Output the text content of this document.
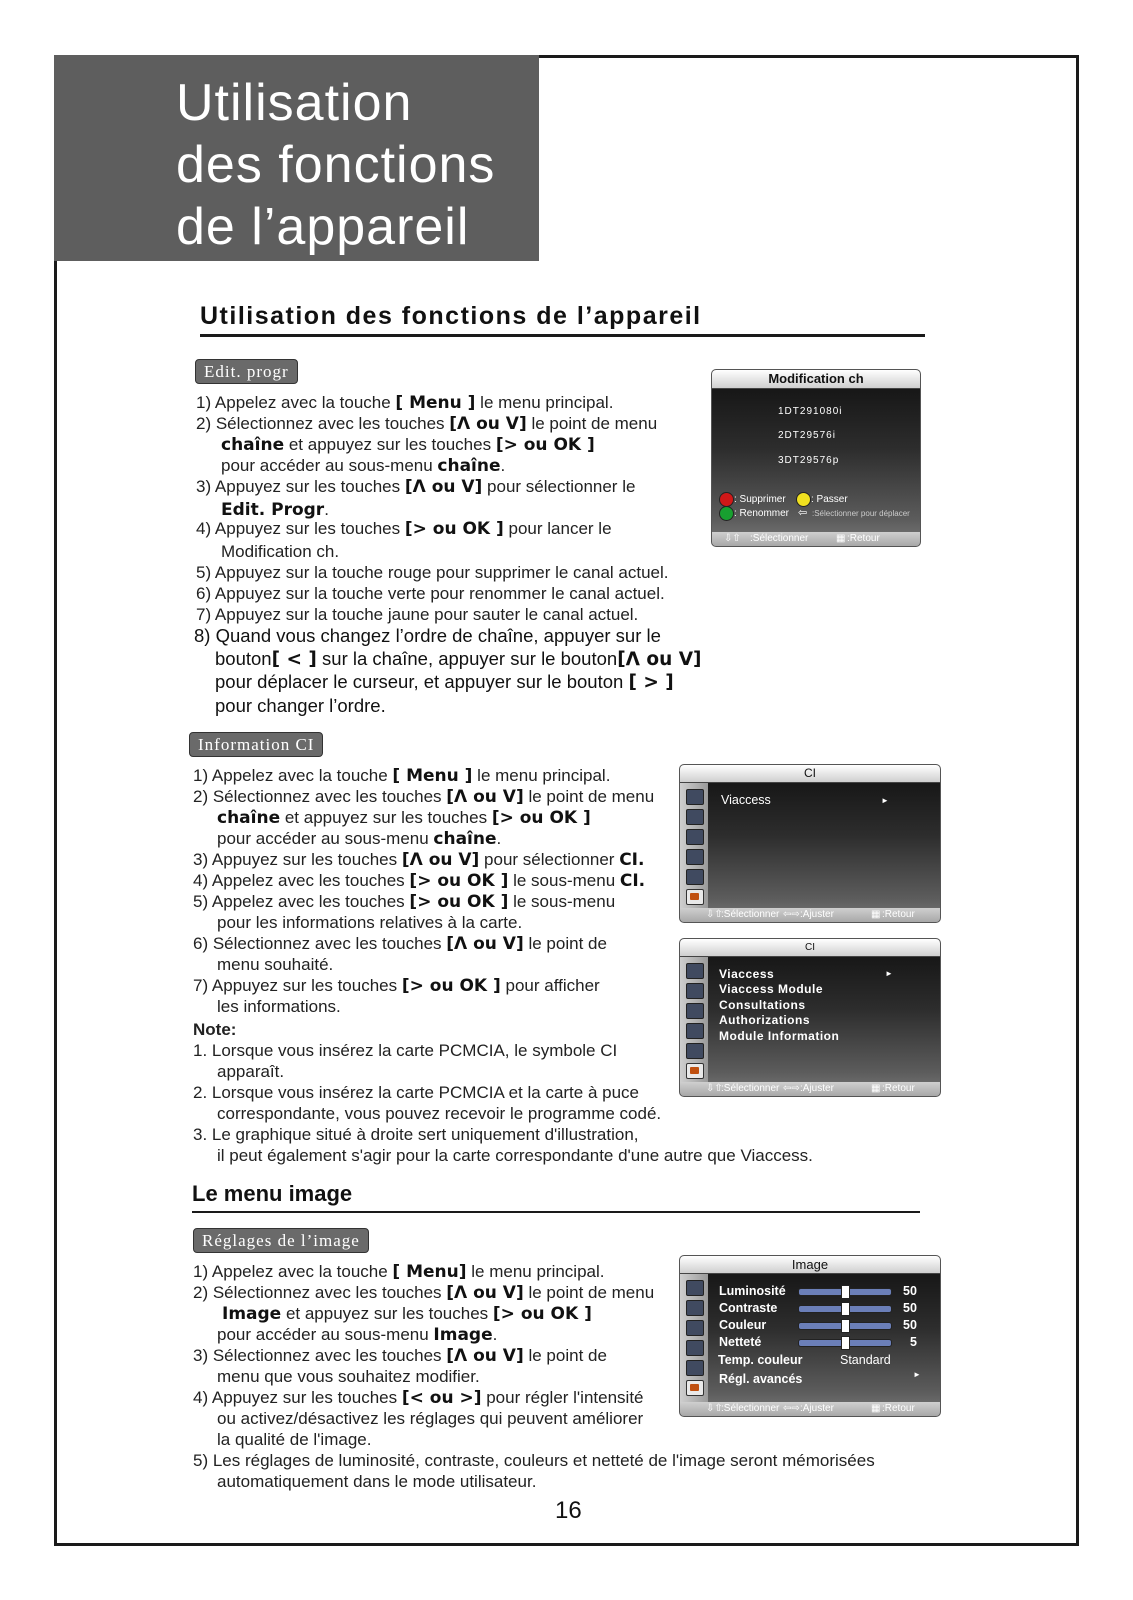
Utilisation
des fonctions
de l’appareil
Utilisation des fonctions de l’appareil
Edit. progr
1) Appelez avec la touche [ Menu ] le menu principal.
2) Sélectionnez avec les touches [Λ ou V] le point de menu
chaîne et appuyez sur les touches [> ou OK ]
pour accéder au sous-menu chaîne.
3) Appuyez sur les touches [Λ ou V] pour sélectionner le
Edit. Progr.
4) Appuyez sur les touches [> ou OK ] pour lancer le
Modification ch.
5) Appuyez sur la touche rouge pour supprimer le canal actuel.
6) Appuyez sur la touche verte pour renommer le canal actuel.
7) Appuyez sur la touche jaune pour sauter le canal actuel.
8) Quand vous changez l’ordre de chaîne, appuyer sur le
bouton[ < ] sur la chaîne, appuyer sur le bouton[Λ ou V]
pour déplacer le curseur, et appuyer sur le bouton [ > ]
pour changer l’ordre.
Modification ch
1DT291080i
2DT29576i
3DT29576p
: Supprimer	: Passer
: Renommer ⇦ :Sélectionner pour déplacer
⇩⇧ :Sélectionner	▦ :Retour
Information CI
1) Appelez avec la touche [ Menu ] le menu principal.
2) Sélectionnez avec les touches [Λ ou V] le point de menu
chaîne et appuyez sur les touches [> ou OK ]
pour accéder au sous-menu chaîne.
3) Appuyez sur les touches [Λ ou V] pour sélectionner CI.
4) Appelez avec les touches [> ou OK ] le sous-menu CI.
5) Appelez avec les touches [> ou OK ] le sous-menu
pour les informations relatives à la carte.
6) Sélectionnez avec les touches [Λ ou V] le point de
menu souhaité.
7) Appuyez sur les touches [> ou OK ] pour afficher
les informations.
Note:
1. Lorsque vous insérez la carte PCMCIA, le symbole CI
apparaît.
2. Lorsque vous insérez la carte PCMCIA et la carte à puce
correspondante, vous pouvez recevoir le programme codé.
3. Le graphique situé à droite sert uniquement d'illustration,
il peut également s'agir pour la carte correspondante d'une autre que Viaccess.
CI
Viaccess	►
⇩⇧
:Sélectionner ⇦⇨ :Ajuster	▦ :Retour
CI
Viaccess
Viaccess Module
Consultations
Authorizations
Module Information
►
⇩⇧
:Sélectionner ⇦⇨ :Ajuster	▦ :Retour
Le menu image
Réglages de l’image
1) Appelez avec la touche [ Menu] le menu principal.
2) Sélectionnez avec les touches [Λ ou V] le point de menu
Image et appuyez sur les touches [> ou OK ]
pour accéder au sous-menu Image.
3) Sélectionnez avec les touches [Λ ou V] le point de
menu que vous souhaitez modifier.
4) Appuyez sur les touches [< ou >] pour régler l'intensité
ou activez/désactivez les réglages qui peuvent améliorer
la qualité de l'image.
5) Les réglages de luminosité, contraste, couleurs et netteté de l'image seront mémorisées
automatiquement dans le mode utilisateur.
Image
Luminosité	50
Contraste	50
Couleur	50
Netteté	5
Temp. couleur	Standard
Régl. avancés	►
⇩⇧
:Sélectionner ⇦⇨ :Ajuster	▦ :Retour
16
